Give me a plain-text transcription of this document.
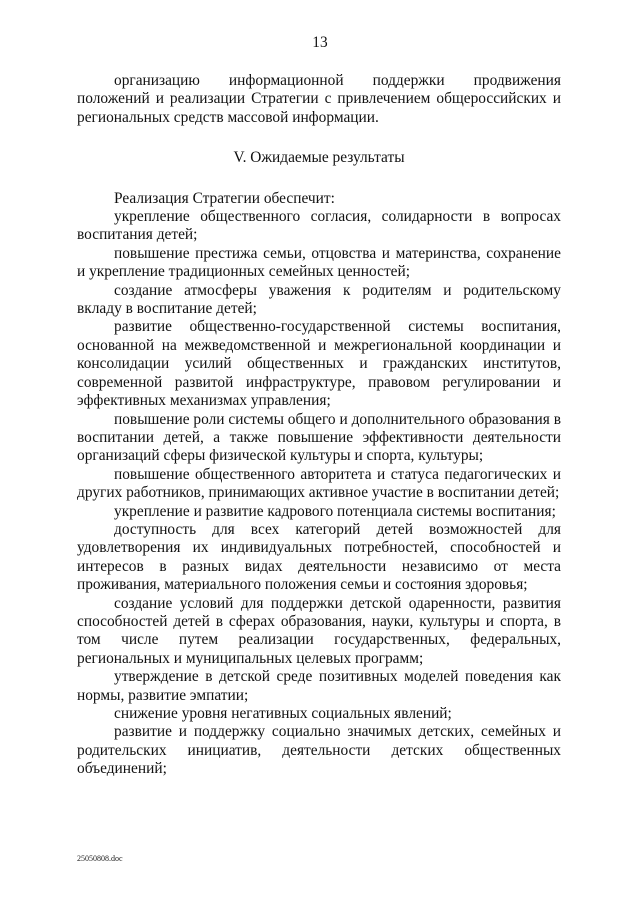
13

организацию информационной поддержки продвижения положений и реализации Стратегии с привлечением общероссийских и региональных средств массовой информации.

V. Ожидаемые результаты

Реализация Стратегии обеспечит:

укрепление общественного согласия, солидарности в вопросах воспитания детей;

повышение престижа семьи, отцовства и материнства, сохранение и укрепление традиционных семейных ценностей;

создание атмосферы уважения к родителям и родительскому вкладу в воспитание детей;

развитие общественно-государственной системы воспитания, основанной на межведомственной и межрегиональной координации и консолидации усилий общественных и гражданских институтов, современной развитой инфраструктуре, правовом регулировании и эффективных механизмах управления;

повышение роли системы общего и дополнительного образования в воспитании детей, а также повышение эффективности деятельности организаций сферы физической культуры и спорта, культуры;

повышение общественного авторитета и статуса педагогических и других работников, принимающих активное участие в воспитании детей;

укрепление и развитие кадрового потенциала системы воспитания;

доступность для всех категорий детей возможностей для удовлетворения их индивидуальных потребностей, способностей и интересов в разных видах деятельности независимо от места проживания, материального положения семьи и состояния здоровья;

создание условий для поддержки детской одаренности, развития способностей детей в сферах образования, науки, культуры и спорта, в том числе путем реализации государственных, федеральных, региональных и муниципальных целевых программ;

утверждение в детской среде позитивных моделей поведения как нормы, развитие эмпатии;

снижение уровня негативных социальных явлений;

развитие и поддержку социально значимых детских, семейных и родительских инициатив, деятельности детских общественных объединений;

25050808.doc
